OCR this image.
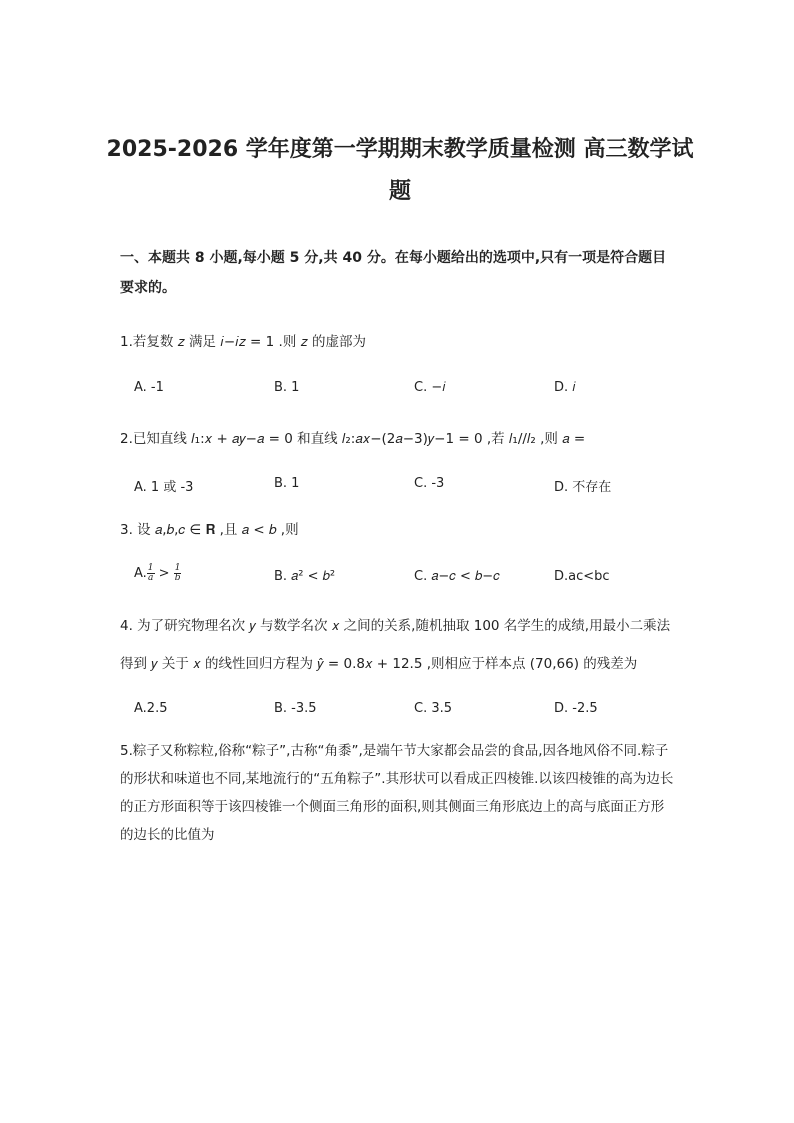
2025-2026 学年度第一学期期末教学质量检测 高三数学试
题
一、本题共 8 小题,每小题 5 分,共 40 分。在每小题给出的选项中,只有一项是符合题目要求的。
1.若复数 𝑧 满足 𝑖−𝑖𝑧 = 1 .则 𝑧 的虚部为
A. -1	B. 1	C. −𝑖	D. 𝑖
2.已知直线 𝑙₁:𝑥 + 𝑎𝑦−𝑎 = 0 和直线 𝑙₂:𝑎𝑥−(2𝑎−3)𝑦−1 = 0 ,若 𝑙₁//𝑙₂ ,则 𝑎 =
A. 1 或 -3	B. 1	C. -3	D. 不存在
3. 设 𝑎,𝑏,𝑐 ∈ 𝐑 ,且 𝑎 < 𝑏 ,则
A. $\frac{1}{a} > \frac{1}{b}$	B. 𝑎² < 𝑏²	C. 𝑎−𝑐 < 𝑏−𝑐	D.ac<bc
4. 为了研究物理名次 𝑦 与数学名次 𝑥 之间的关系,随机抽取 100 名学生的成绩,用最小二乘法
得到 𝑦 关于 𝑥 的线性回归方程为 𝑦̂ = 0.8𝑥 + 12.5 ,则相应于样本点 (70,66) 的残差为
A.2.5	B. -3.5	C. 3.5	D. -2.5
5.粽子又称粽粒,俗称“粽子”,古称“角黍”,是端午节大家都会品尝的食品,因各地风俗不同.粽子的形状和味道也不同,某地流行的“五角粽子”.其形状可以看成正四棱锥.以该四棱锥的高为边长的正方形面积等于该四棱锥一个侧面三角形的面积,则其侧面三角形底边上的高与底面正方形的边长的比值为
